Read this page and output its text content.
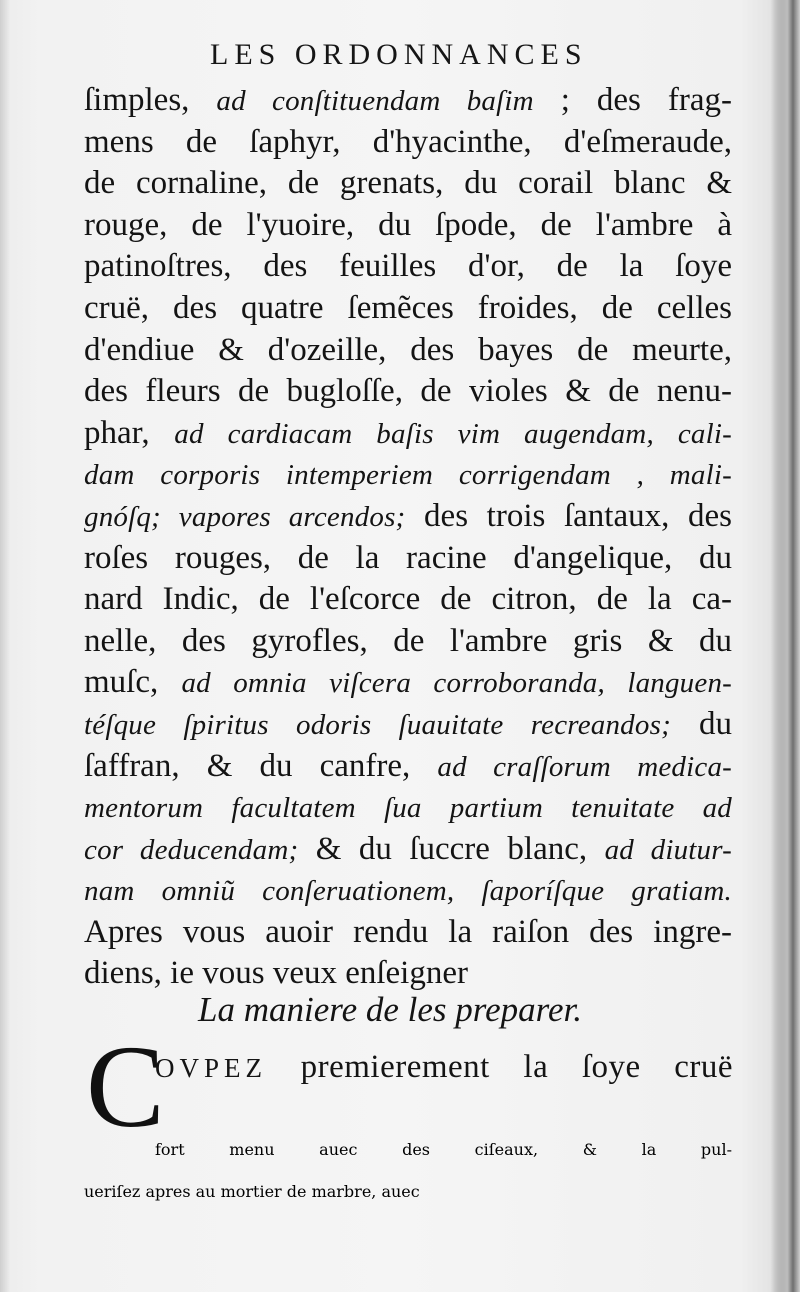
LES ORDONNANCES
ſimples, ad conſtituendam baſim ; des frag-
mens de ſaphyr, d'hyacinthe, d'eſmeraude,
de cornaline, de grenats, du corail blanc &
rouge, de l'yuoire, du ſpode, de l'ambre à
patinoſtres, des feuilles d'or, de la ſoye
cruë, des quatre ſemẽces froides, de celles
d'endiue & d'ozeille, des bayes de meurte,
des fleurs de bugloſſe, de violes & de nenu-
phar, ad cardiacam baſis vim augendam, cali-
dam corporis intemperiem corrigendam , mali-
gnóſq; vapores arcendos; des trois ſantaux, des
roſes rouges, de la racine d'angelique, du
nard Indic, de l'eſcorce de citron, de la ca-
nelle, des gyrofles, de l'ambre gris & du
muſc, ad omnia viſcera corroboranda, languen-
téſque ſpiritus odoris ſuauitate recreandos; du
ſaffran, & du canfre, ad craſſorum medica-
mentorum facultatem ſua partium tenuitate ad
cor deducendam; & du ſuccre blanc, ad diutur-
nam omniũ conſeruationem, ſaporíſque gratiam.
Apres vous auoir rendu la raiſon des ingre-
diens, ie vous veux enſeigner
La maniere de les preparer.
C
OVPEZ premierement la ſoye cruë
fort menu auec des ciſeaux, & la pul-
ueriſez apres au mortier de marbre, auec
